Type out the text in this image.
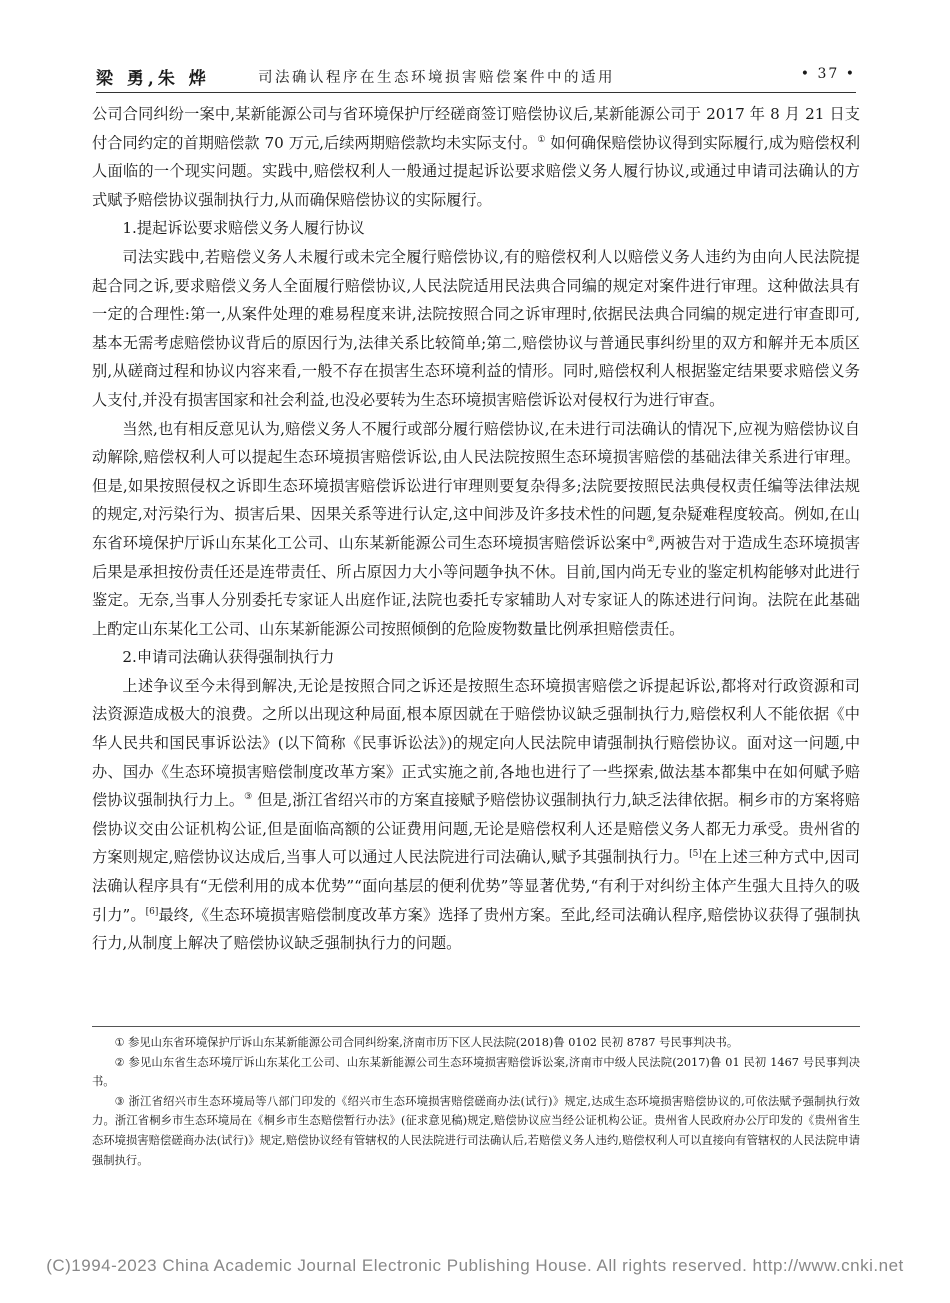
梁 勇,朱 烨	司法确认程序在生态环境损害赔偿案件中的适用	• 37 •

公司合同纠纷一案中,某新能源公司与省环境保护厅经磋商签订赔偿协议后,某新能源公司于 2017 年 8 月 21 日支付合同约定的首期赔偿款 70 万元,后续两期赔偿款均未实际支付。① 如何确保赔偿协议得到实际履行,成为赔偿权利人面临的一个现实问题。实践中,赔偿权利人一般通过提起诉讼要求赔偿义务人履行协议,或通过申请司法确认的方式赋予赔偿协议强制执行力,从而确保赔偿协议的实际履行。

1.提起诉讼要求赔偿义务人履行协议

司法实践中,若赔偿义务人未履行或未完全履行赔偿协议,有的赔偿权利人以赔偿义务人违约为由向人民法院提起合同之诉,要求赔偿义务人全面履行赔偿协议,人民法院适用民法典合同编的规定对案件进行审理。这种做法具有一定的合理性:第一,从案件处理的难易程度来讲,法院按照合同之诉审理时,依据民法典合同编的规定进行审查即可,基本无需考虑赔偿协议背后的原因行为,法律关系比较简单;第二,赔偿协议与普通民事纠纷里的双方和解并无本质区别,从磋商过程和协议内容来看,一般不存在损害生态环境利益的情形。同时,赔偿权利人根据鉴定结果要求赔偿义务人支付,并没有损害国家和社会利益,也没必要转为生态环境损害赔偿诉讼对侵权行为进行审查。

当然,也有相反意见认为,赔偿义务人不履行或部分履行赔偿协议,在未进行司法确认的情况下,应视为赔偿协议自动解除,赔偿权利人可以提起生态环境损害赔偿诉讼,由人民法院按照生态环境损害赔偿的基础法律关系进行审理。但是,如果按照侵权之诉即生态环境损害赔偿诉讼进行审理则要复杂得多;法院要按照民法典侵权责任编等法律法规的规定,对污染行为、损害后果、因果关系等进行认定,这中间涉及许多技术性的问题,复杂疑难程度较高。例如,在山东省环境保护厅诉山东某化工公司、山东某新能源公司生态环境损害赔偿诉讼案中②,两被告对于造成生态环境损害后果是承担按份责任还是连带责任、所占原因力大小等问题争执不休。目前,国内尚无专业的鉴定机构能够对此进行鉴定。无奈,当事人分别委托专家证人出庭作证,法院也委托专家辅助人对专家证人的陈述进行问询。法院在此基础上酌定山东某化工公司、山东某新能源公司按照倾倒的危险废物数量比例承担赔偿责任。

2.申请司法确认获得强制执行力

上述争议至今未得到解决,无论是按照合同之诉还是按照生态环境损害赔偿之诉提起诉讼,都将对行政资源和司法资源造成极大的浪费。之所以出现这种局面,根本原因就在于赔偿协议缺乏强制执行力,赔偿权利人不能依据《中华人民共和国民事诉讼法》(以下简称《民事诉讼法》)的规定向人民法院申请强制执行赔偿协议。面对这一问题,中办、国办《生态环境损害赔偿制度改革方案》正式实施之前,各地也进行了一些探索,做法基本都集中在如何赋予赔偿协议强制执行力上。③ 但是,浙江省绍兴市的方案直接赋予赔偿协议强制执行力,缺乏法律依据。桐乡市的方案将赔偿协议交由公证机构公证,但是面临高额的公证费用问题,无论是赔偿权利人还是赔偿义务人都无力承受。贵州省的方案则规定,赔偿协议达成后,当事人可以通过人民法院进行司法确认,赋予其强制执行力。[5]在上述三种方式中,因司法确认程序具有“无偿利用的成本优势”“面向基层的便利优势”等显著优势,“有利于对纠纷主体产生强大且持久的吸引力”。[6]最终,《生态环境损害赔偿制度改革方案》选择了贵州方案。至此,经司法确认程序,赔偿协议获得了强制执行力,从制度上解决了赔偿协议缺乏强制执行力的问题。

① 参见山东省环境保护厅诉山东某新能源公司合同纠纷案,济南市历下区人民法院(2018)鲁 0102 民初 8787 号民事判决书。

② 参见山东省生态环境厅诉山东某化工公司、山东某新能源公司生态环境损害赔偿诉讼案,济南市中级人民法院(2017)鲁 01 民初 1467 号民事判决书。

③ 浙江省绍兴市生态环境局等八部门印发的《绍兴市生态环境损害赔偿磋商办法(试行)》规定,达成生态环境损害赔偿协议的,可依法赋予强制执行效力。浙江省桐乡市生态环境局在《桐乡市生态赔偿暂行办法》(征求意见稿)规定,赔偿协议应当经公证机构公证。贵州省人民政府办公厅印发的《贵州省生态环境损害赔偿磋商办法(试行)》规定,赔偿协议经有管辖权的人民法院进行司法确认后,若赔偿义务人违约,赔偿权利人可以直接向有管辖权的人民法院申请强制执行。

(C)1994-2023 China Academic Journal Electronic Publishing House. All rights reserved. http://www.cnki.net
